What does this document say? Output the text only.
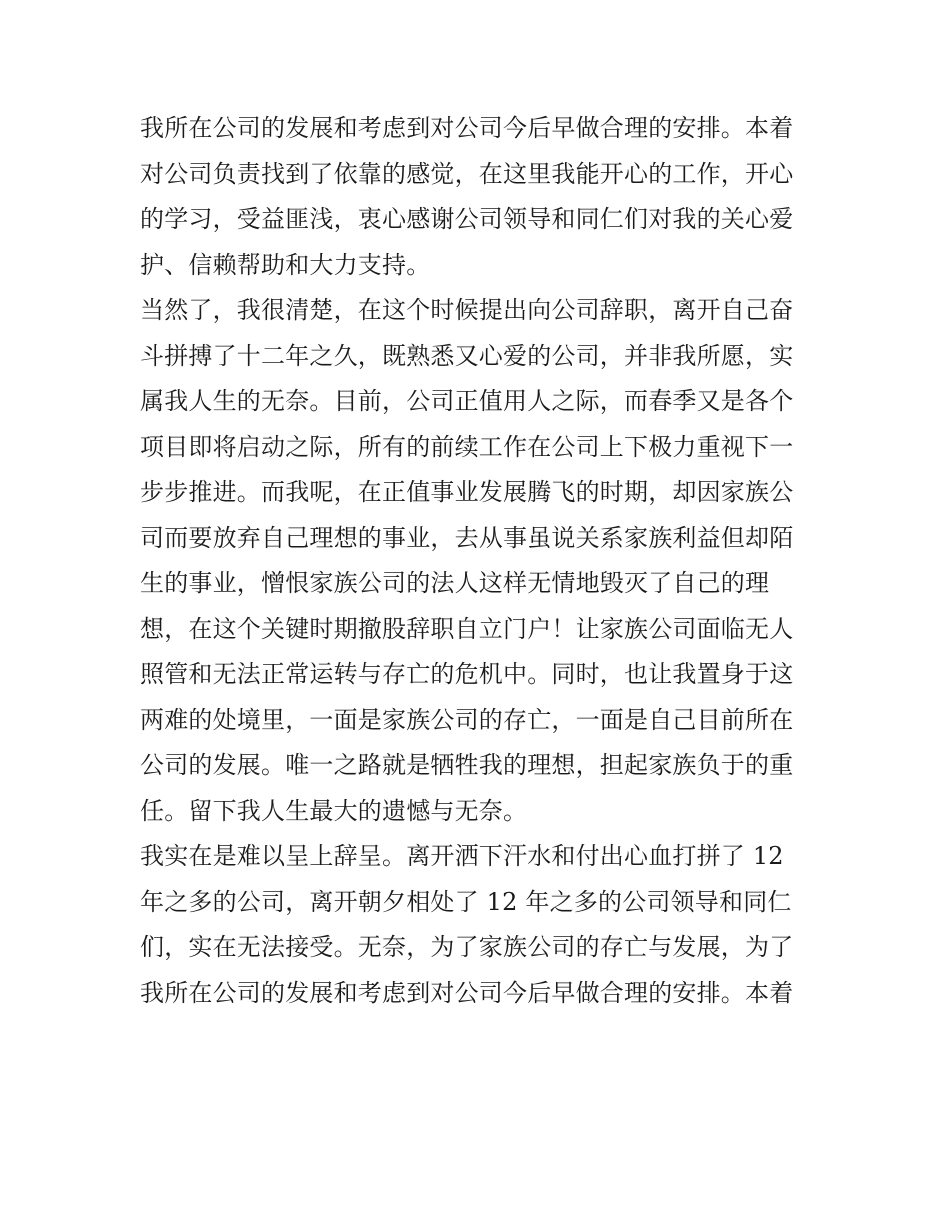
我所在公司的发展和考虑到对公司今后早做合理的安排。本着
对公司负责找到了依靠的感觉，在这里我能开心的工作，开心
的学习，受益匪浅，衷心感谢公司领导和同仁们对我的关心爱
护、信赖帮助和大力支持。
当然了，我很清楚，在这个时候提出向公司辞职，离开自己奋
斗拼搏了十二年之久，既熟悉又心爱的公司，并非我所愿，实
属我人生的无奈。目前，公司正值用人之际，而春季又是各个
项目即将启动之际，所有的前续工作在公司上下极力重视下一
步步推进。而我呢，在正值事业发展腾飞的时期，却因家族公
司而要放弃自己理想的事业，去从事虽说关系家族利益但却陌
生的事业，憎恨家族公司的法人这样无情地毁灭了自己的理
想，在这个关键时期撤股辞职自立门户！让家族公司面临无人
照管和无法正常运转与存亡的危机中。同时，也让我置身于这
两难的处境里，一面是家族公司的存亡，一面是自己目前所在
公司的发展。唯一之路就是牺牲我的理想，担起家族负于的重
任。留下我人生最大的遗憾与无奈。
我实在是难以呈上辞呈。离开洒下汗水和付出心血打拼了 12
年之多的公司，离开朝夕相处了 12 年之多的公司领导和同仁
们，实在无法接受。无奈，为了家族公司的存亡与发展，为了
我所在公司的发展和考虑到对公司今后早做合理的安排。本着
